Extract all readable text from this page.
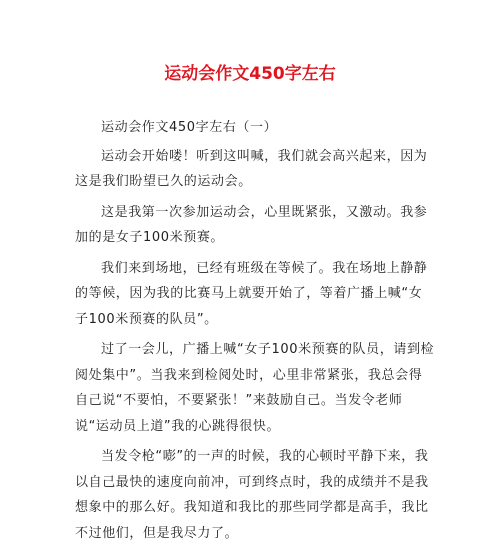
运动会作文450字左右

运动会作文450字左右（一）

运动会开始喽！听到这叫喊，我们就会高兴起来，因为这是我们盼望已久的运动会。

这是我第一次参加运动会，心里既紧张，又激动。我参加的是女子100米预赛。

我们来到场地，已经有班级在等候了。我在场地上静静的等候，因为我的比赛马上就要开始了，等着广播上喊“女子100米预赛的队员”。

过了一会儿，广播上喊“女子100米预赛的队员，请到检阅处集中”。当我来到检阅处时，心里非常紧张，我总会得自己说“不要怕，不要紧张！”来鼓励自己。当发令老师说“运动员上道”我的心跳得很快。

当发令枪“嘭”的一声的时候，我的心顿时平静下来，我以自己最快的速度向前冲，可到终点时，我的成绩并不是我想象中的那么好。我知道和我比的那些同学都是高手，我比不过他们，但是我尽力了。
